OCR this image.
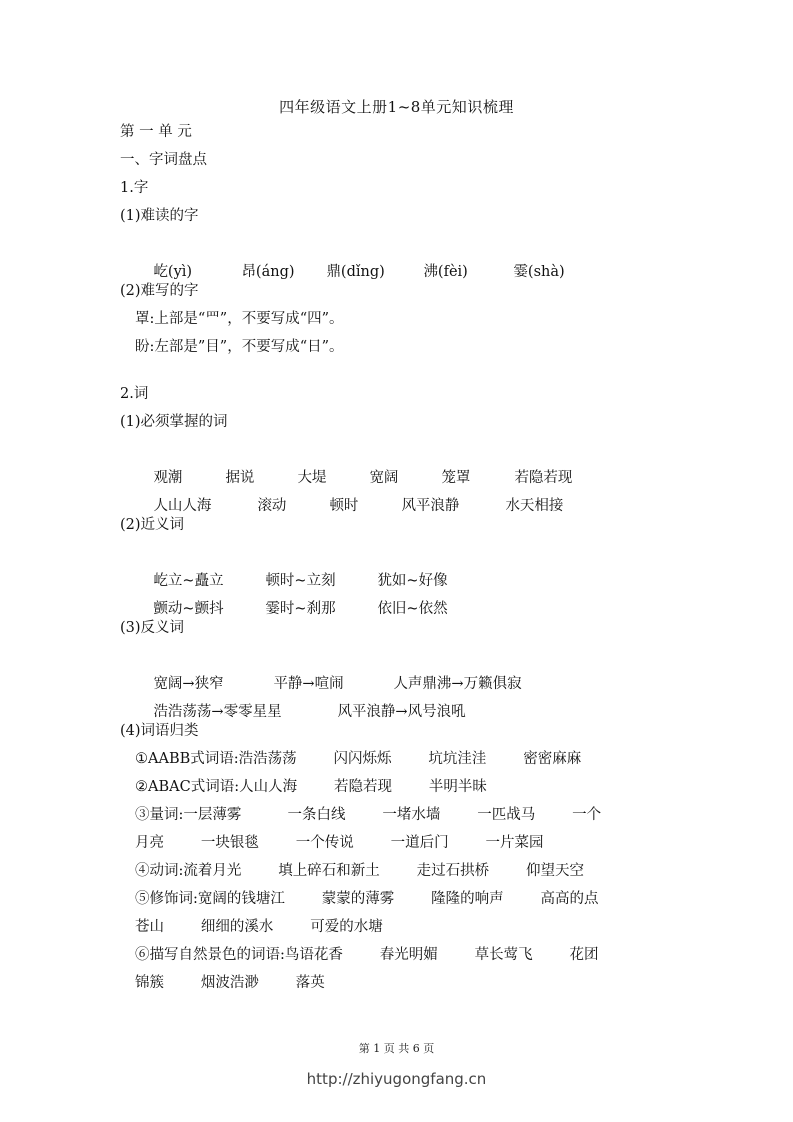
四年级语文上册1~8单元知识梳理
第 一 单 元
一、字词盘点
1.字
(1)难读的字

屹(yì)	昂(áng) 鼎(dǐng)	沸(fèi)	霎(shà)

(2)难写的字
罩:上部是“罒”，不要写成“四”。
盼:左部是”目”，不要写成“日”。
2.词
(1)必须掌握的词

观潮	据说	大堤	宽阔	笼罩	若隐若现

人山人海	滚动	顿时	风平浪静	水天相接

(2)近义词

屹立~矗立	顿时~立刻	犹如~好像

颤动~颤抖	霎时~刹那	依旧~依然

(3)反义词

宽阔→狭窄	平静→喧闹	人声鼎沸→万籁俱寂

浩浩荡荡→零零星星	风平浪静→风号浪吼

(4)词语归类
①AABB式词语:浩浩荡荡        闪闪烁烁        坑坑洼洼        密密麻麻
②ABAC式词语:人山人海        若隐若现        半明半昧
③量词:一层薄雾          一条白线        一堵水墙        一匹战马        一个
月亮        一块银毯        一个传说        一道后门        一片菜园
④动词:流着月光        填上碎石和新土        走过石拱桥        仰望天空
⑤修饰词:宽阔的钱塘江        蒙蒙的薄雾        隆隆的响声        高高的点
苍山        细细的溪水        可爱的水塘
⑥描写自然景色的词语:鸟语花香        春光明媚        草长莺飞        花团
锦簇        烟波浩渺        落英
第 1 页 共 6 页
http://zhiyugongfang.cn
